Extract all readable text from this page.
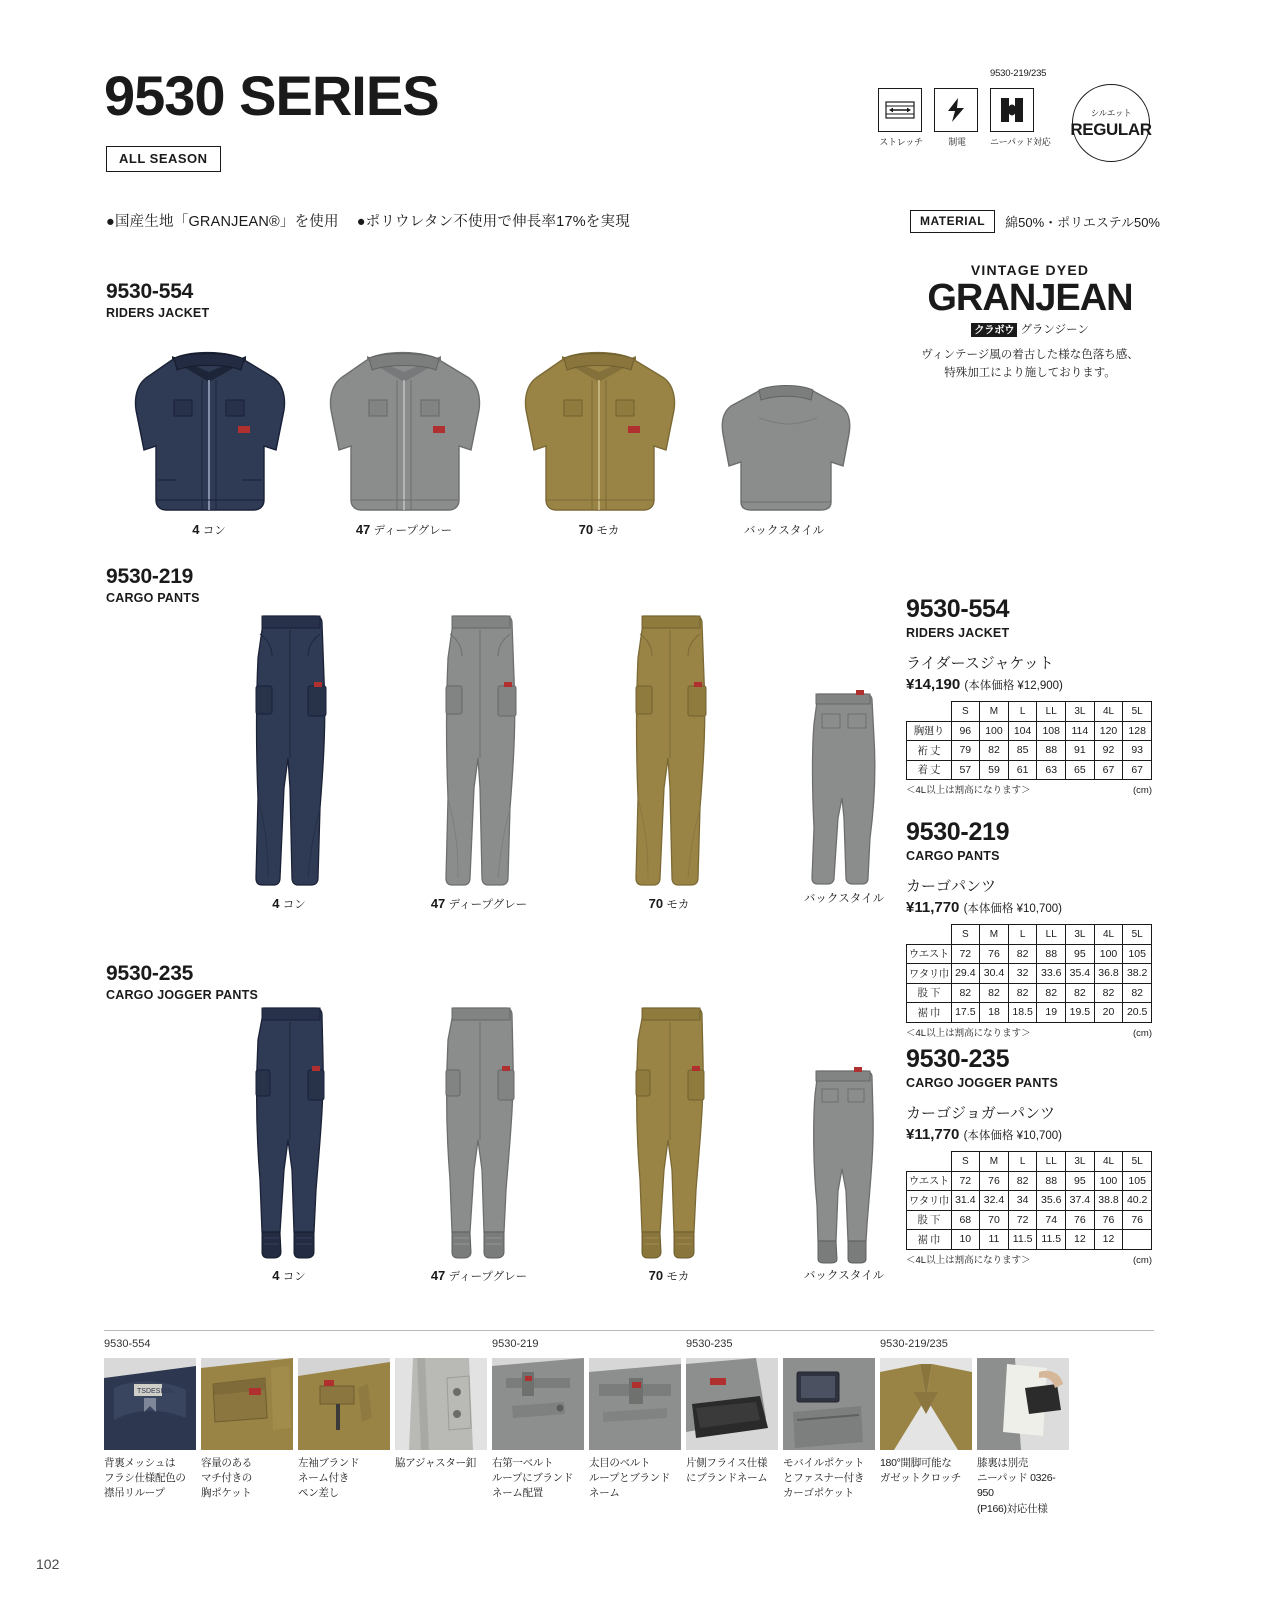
9530 SERIES
ALL SEASON
●国産生地「GRANJEAN®」を使用 ●ポリウレタン不使用で伸長率17%を実現
9530-219/235
ストレッチ	制電	ニーパッド対応
シルエット
REGULAR
MATERIAL	綿50%・ポリエステル50%
VINTAGE DYED
GRANJEAN
クラボウ グランジーン
ヴィンテージ風の着古した様な色落ち感、
特殊加工により施しております。
9530-554
RIDERS JACKET
4 コン	47 ディープグレー	70 モカ	バックスタイル
9530-219
CARGO PANTS
4 コン	47 ディープグレー	70 モカ	バックスタイル
9530-235
CARGO JOGGER PANTS
4 コン	47 ディープグレー	70 モカ	バックスタイル
9530-554
RIDERS JACKET
ライダースジャケット
¥14,190 (本体価格 ¥12,900)
	S	M	L	LL	3L	4L	5L
胸廻り	96	100	104	108	114	120	128
裄 丈	79	82	85	88	91	92	93
着 丈	57	59	61	63	65	67	67
＜4L以上は割高になります＞	(cm)
9530-219
CARGO PANTS
カーゴパンツ
¥11,770 (本体価格 ¥10,700)
	S	M	L	LL	3L	4L	5L
ウエスト	72	76	82	88	95	100	105
ワタリ巾	29.4	30.4	32	33.6	35.4	36.8	38.2
股 下	82	82	82	82	82	82	82
裾 巾	17.5	18	18.5	19	19.5	20	20.5
＜4L以上は割高になります＞	(cm)
9530-235
CARGO JOGGER PANTS
カーゴジョガーパンツ
¥11,770 (本体価格 ¥10,700)
	S	M	L	LL	3L	4L	5L
ウエスト	72	76	82	88	95	100	105
ワタリ巾	31.4	32.4	34	35.6	37.4	38.8	40.2
股 下	68	70	72	74	76	76	76
裾 巾	10	11	11.5	11.5	12	12	
＜4L以上は割高になります＞	(cm)
9530-554	9530-219	9530-235	9530-219/235
TSDESIGN
背裏メッシュは
フラシ仕様配色の
襟吊リループ
容量のある
マチ付きの
胸ポケット
左袖ブランド
ネーム付き
ペン差し
脇アジャスター釦	右第一ベルト
ループにブランド
ネーム配置
太目のベルト
ループとブランド
ネーム
片側フライス仕様
にブランドネーム
モバイルポケット
とファスナー付き
カーゴポケット
180°開脚可能な
ガゼットクロッチ
膝裏は別売
ニーパッド 0326-950
(P166)対応仕様
102
